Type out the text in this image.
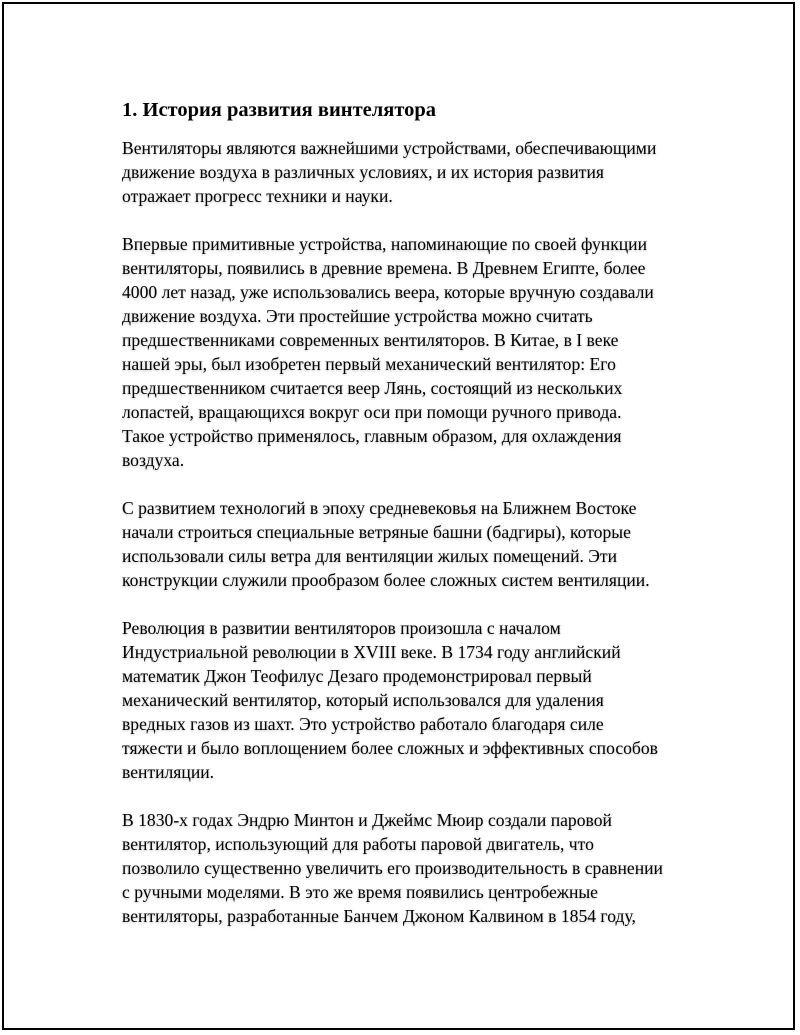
1. История развития винтелятора
Вентиляторы являются важнейшими устройствами, обеспечивающими
движение воздуха в различных условиях, и их история развития
отражает прогресс техники и науки.
Впервые примитивные устройства, напоминающие по своей функции
вентиляторы, появились в древние времена. В Древнем Египте, более
4000 лет назад, уже использовались веера, которые вручную создавали
движение воздуха. Эти простейшие устройства можно считать
предшественниками современных вентиляторов. В Китае, в I веке
нашей эры, был изобретен первый механический вентилятор: Его
предшественником считается веер Лянь, состоящий из нескольких
лопастей, вращающихся вокруг оси при помощи ручного привода.
Такое устройство применялось, главным образом, для охлаждения
воздуха.
С развитием технологий в эпоху средневековья на Ближнем Востоке
начали строиться специальные ветряные башни (бадгиры), которые
использовали силы ветра для вентиляции жилых помещений. Эти
конструкции служили прообразом более сложных систем вентиляции.
Революция в развитии вентиляторов произошла с началом
Индустриальной революции в XVIII веке. В 1734 году английский
математик Джон Теофилус Дезаго продемонстрировал первый
механический вентилятор, который использовался для удаления
вредных газов из шахт. Это устройство работало благодаря силе
тяжести и было воплощением более сложных и эффективных способов
вентиляции.
В 1830-х годах Эндрю Минтон и Джеймс Мюир создали паровой
вентилятор, использующий для работы паровой двигатель, что
позволило существенно увеличить его производительность в сравнении
с ручными моделями. В это же время появились центробежные
вентиляторы, разработанные Банчем Джоном Калвином в 1854 году,
